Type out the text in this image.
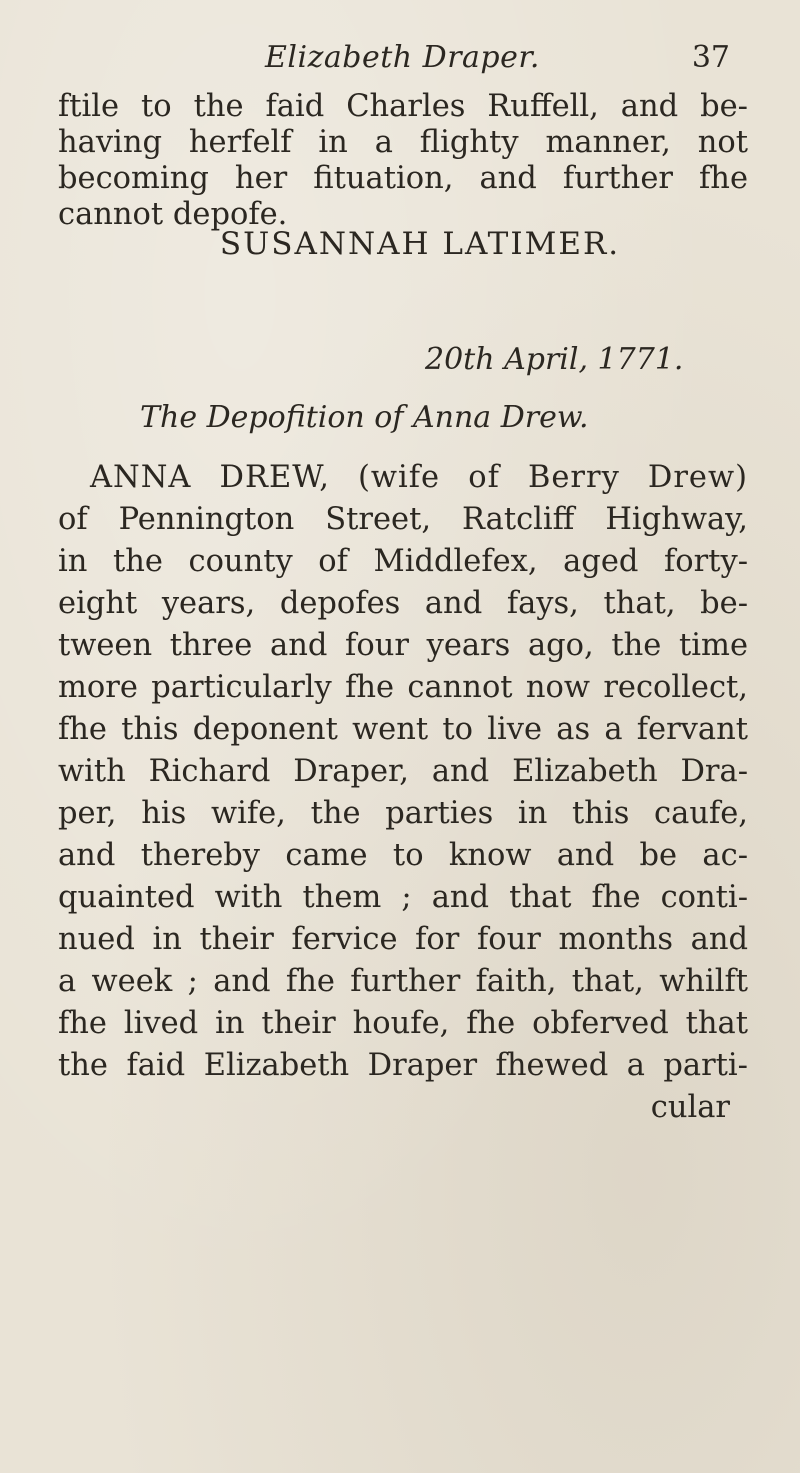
Elizabeth Draper.	37
ftile to the faid Charles Ruffell, and be-
having herfelf in a flighty manner, not
becoming her fituation, and further fhe
cannot depofe.
SUSANNAH LATIMER.
20th April, 1771.
The Depofition of Anna Drew.
ANNA DREW, (wife of Berry Drew)
of Pennington Street, Ratcliff Highway,
in the county of Middlefex, aged forty-
eight years, depofes and fays, that, be-
tween three and four years ago, the time
more particularly fhe cannot now recollect,
fhe this deponent went to live as a fervant
with Richard Draper, and Elizabeth Dra-
per, his wife, the parties in this caufe,
and thereby came to know and be ac-
quainted with them ; and that fhe conti-
nued in their fervice for four months and
a week ; and fhe further faith, that, whilft
fhe lived in their houfe, fhe obferved that
the faid Elizabeth Draper fhewed a parti-
cular
